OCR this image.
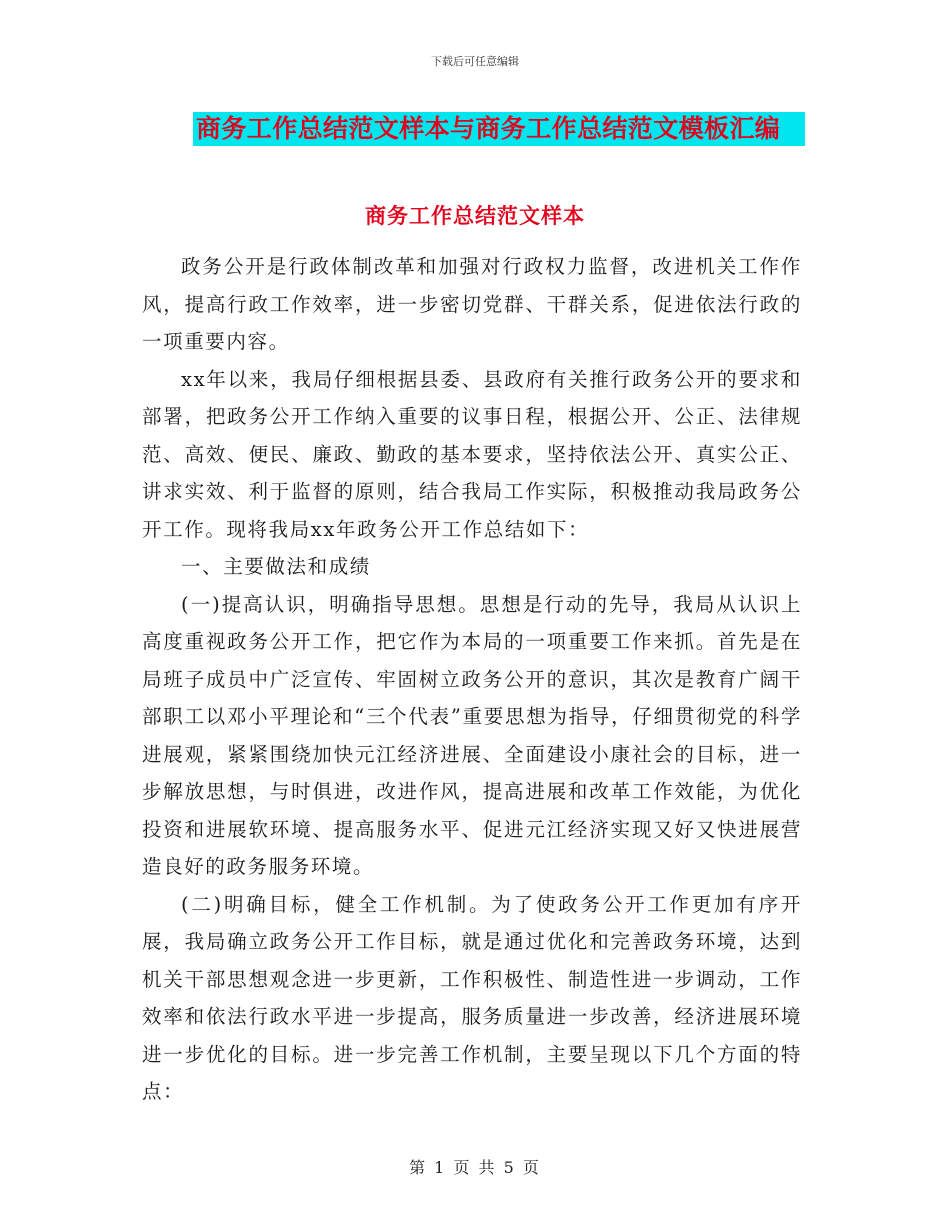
下载后可任意编辑
商务工作总结范文样本与商务工作总结范文模板汇编
商务工作总结范文样本

政务公开是行政体制改革和加强对行政权力监督，改进机关工作作风，提高行政工作效率，进一步密切党群、干群关系，促进依法行政的一项重要内容。

xx年以来，我局仔细根据县委、县政府有关推行政务公开的要求和部署，把政务公开工作纳入重要的议事日程，根据公开、公正、法律规范、高效、便民、廉政、勤政的基本要求，坚持依法公开、真实公正、讲求实效、利于监督的原则，结合我局工作实际，积极推动我局政务公开工作。现将我局xx年政务公开工作总结如下：

一、主要做法和成绩

(一)提高认识，明确指导思想。思想是行动的先导，我局从认识上高度重视政务公开工作，把它作为本局的一项重要工作来抓。首先是在局班子成员中广泛宣传、牢固树立政务公开的意识，其次是教育广阔干部职工以邓小平理论和“三个代表”重要思想为指导，仔细贯彻党的科学进展观，紧紧围绕加快元江经济进展、全面建设小康社会的目标，进一步解放思想，与时俱进，改进作风，提高进展和改革工作效能，为优化投资和进展软环境、提高服务水平、促进元江经济实现又好又快进展营造良好的政务服务环境。

(二)明确目标，健全工作机制。为了使政务公开工作更加有序开展，我局确立政务公开工作目标，就是通过优化和完善政务环境，达到机关干部思想观念进一步更新，工作积极性、制造性进一步调动，工作效率和依法行政水平进一步提高，服务质量进一步改善，经济进展环境进一步优化的目标。进一步完善工作机制，主要呈现以下几个方面的特点：

第 1 页 共 5 页
